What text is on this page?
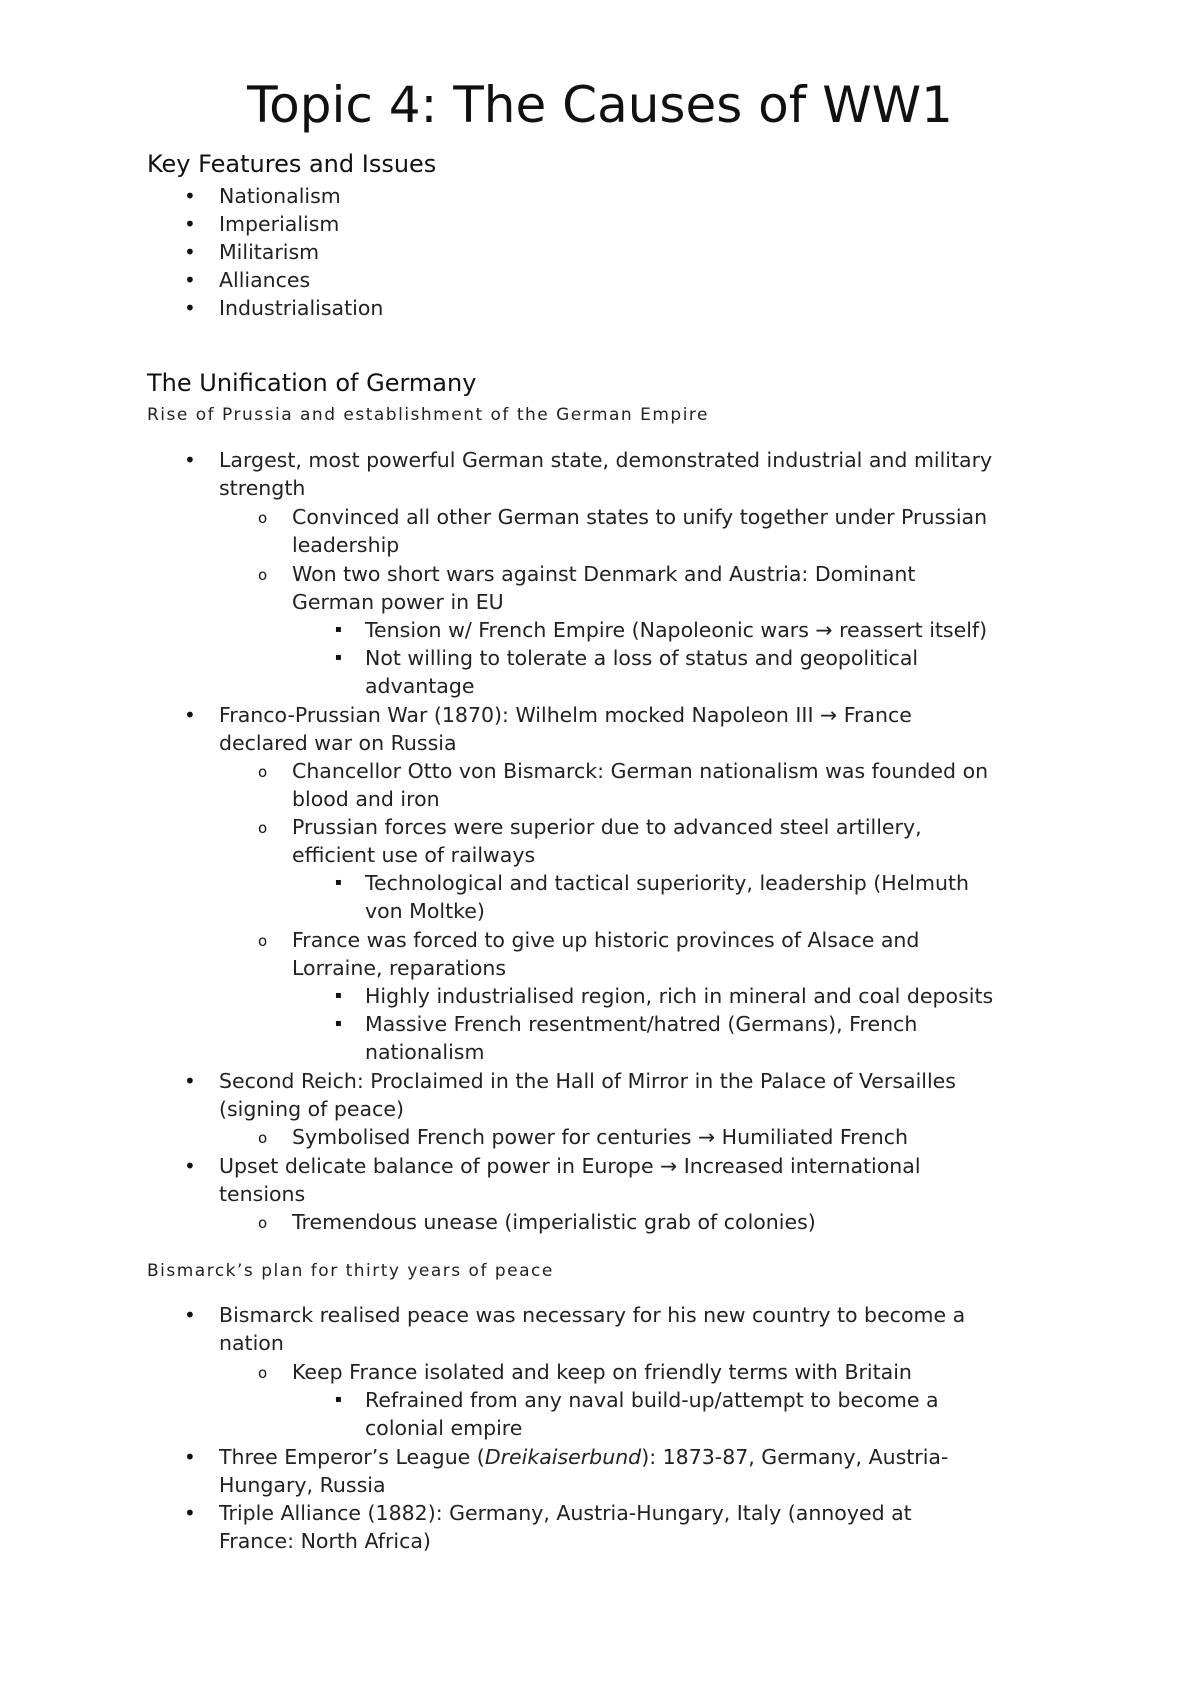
Topic 4: The Causes of WW1
Key Features and Issues
• Nationalism
• Imperialism
• Militarism
• Alliances
• Industrialisation
The Unification of Germany
Rise of Prussia and establishment of the German Empire
• Largest, most powerful German state, demonstrated industrial and military
strength
o Convinced all other German states to unify together under Prussian
leadership
o Won two short wars against Denmark and Austria: Dominant
German power in EU
▪ Tension w/ French Empire (Napoleonic wars → reassert itself)
▪ Not willing to tolerate a loss of status and geopolitical
advantage
• Franco-Prussian War (1870): Wilhelm mocked Napoleon III → France
declared war on Russia
o Chancellor Otto von Bismarck: German nationalism was founded on
blood and iron
o Prussian forces were superior due to advanced steel artillery,
efficient use of railways
▪ Technological and tactical superiority, leadership (Helmuth
von Moltke)
o France was forced to give up historic provinces of Alsace and
Lorraine, reparations
▪ Highly industrialised region, rich in mineral and coal deposits
▪ Massive French resentment/hatred (Germans), French
nationalism
• Second Reich: Proclaimed in the Hall of Mirror in the Palace of Versailles
(signing of peace)
o Symbolised French power for centuries → Humiliated French
• Upset delicate balance of power in Europe → Increased international
tensions
o Tremendous unease (imperialistic grab of colonies)
Bismarck’s plan for thirty years of peace
• Bismarck realised peace was necessary for his new country to become a
nation
o Keep France isolated and keep on friendly terms with Britain
▪ Refrained from any naval build-up/attempt to become a
colonial empire
• Three Emperor’s League (Dreikaiserbund): 1873-87, Germany, Austria-
Hungary, Russia
• Triple Alliance (1882): Germany, Austria-Hungary, Italy (annoyed at
France: North Africa)
